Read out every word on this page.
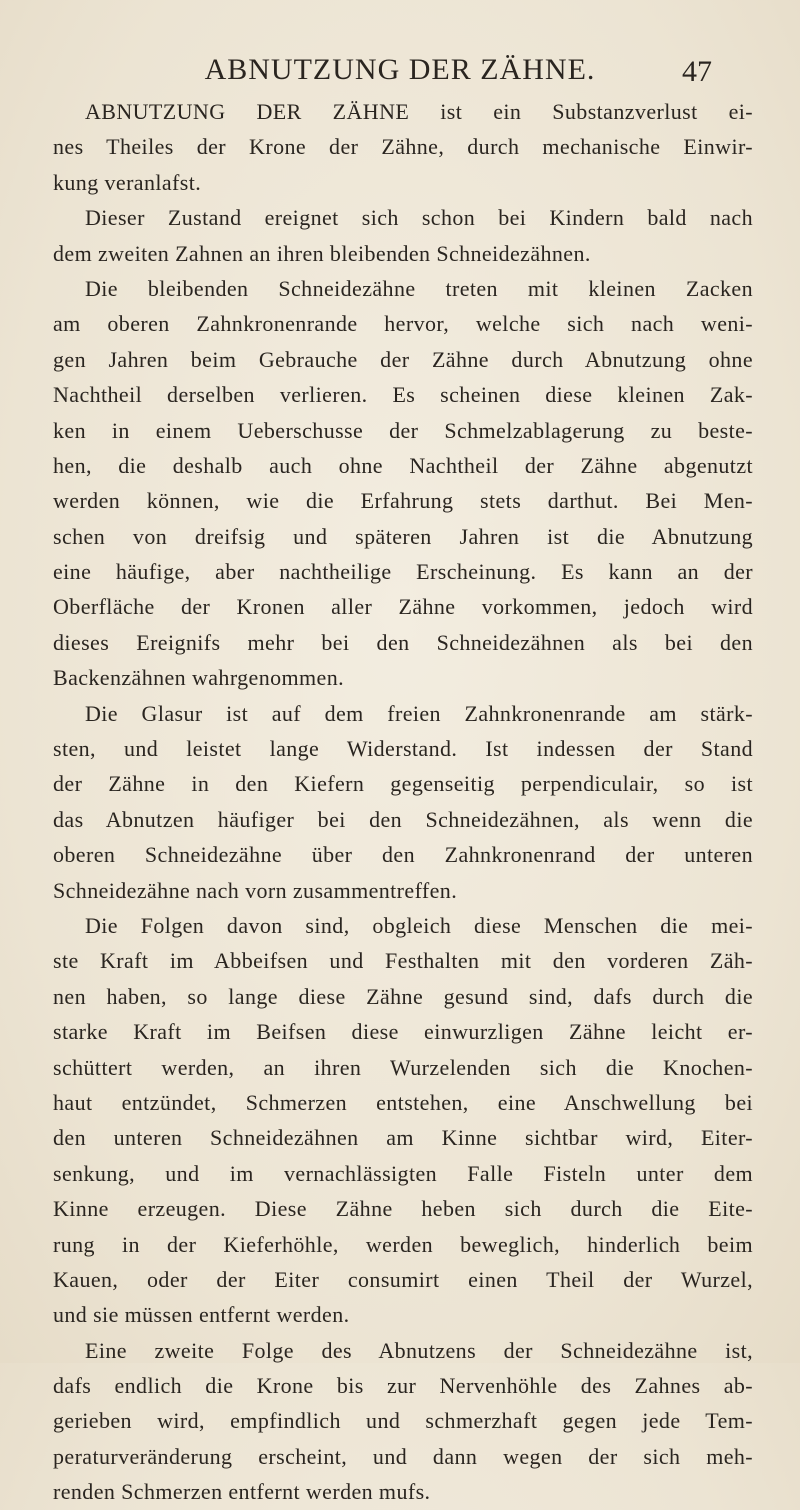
ABNUTZUNG DER ZÄHNE.	47
ABNUTZUNG DER ZÄHNE ist ein Substanzverlust ei-
nes Theiles der Krone der Zähne, durch mechanische Einwir-
kung veranlafst.
Dieser Zustand ereignet sich schon bei Kindern bald nach
dem zweiten Zahnen an ihren bleibenden Schneidezähnen.
Die bleibenden Schneidezähne treten mit kleinen Zacken
am oberen Zahnkronenrande hervor, welche sich nach weni-
gen Jahren beim Gebrauche der Zähne durch Abnutzung ohne
Nachtheil derselben verlieren. Es scheinen diese kleinen Zak-
ken in einem Ueberschusse der Schmelzablagerung zu beste-
hen, die deshalb auch ohne Nachtheil der Zähne abgenutzt
werden können, wie die Erfahrung stets darthut. Bei Men-
schen von dreifsig und späteren Jahren ist die Abnutzung
eine häufige, aber nachtheilige Erscheinung. Es kann an der
Oberfläche der Kronen aller Zähne vorkommen, jedoch wird
dieses Ereignifs mehr bei den Schneidezähnen als bei den
Backenzähnen wahrgenommen.
Die Glasur ist auf dem freien Zahnkronenrande am stärk-
sten, und leistet lange Widerstand. Ist indessen der Stand
der Zähne in den Kiefern gegenseitig perpendiculair, so ist
das Abnutzen häufiger bei den Schneidezähnen, als wenn die
oberen Schneidezähne über den Zahnkronenrand der unteren
Schneidezähne nach vorn zusammentreffen.
Die Folgen davon sind, obgleich diese Menschen die mei-
ste Kraft im Abbeifsen und Festhalten mit den vorderen Zäh-
nen haben, so lange diese Zähne gesund sind, dafs durch die
starke Kraft im Beifsen diese einwurzligen Zähne leicht er-
schüttert werden, an ihren Wurzelenden sich die Knochen-
haut entzündet, Schmerzen entstehen, eine Anschwellung bei
den unteren Schneidezähnen am Kinne sichtbar wird, Eiter-
senkung, und im vernachlässigten Falle Fisteln unter dem
Kinne erzeugen. Diese Zähne heben sich durch die Eite-
rung in der Kieferhöhle, werden beweglich, hinderlich beim
Kauen, oder der Eiter consumirt einen Theil der Wurzel,
und sie müssen entfernt werden.
Eine zweite Folge des Abnutzens der Schneidezähne ist,
dafs endlich die Krone bis zur Nervenhöhle des Zahnes ab-
gerieben wird, empfindlich und schmerzhaft gegen jede Tem-
peraturveränderung erscheint, und dann wegen der sich meh-
renden Schmerzen entfernt werden mufs.
